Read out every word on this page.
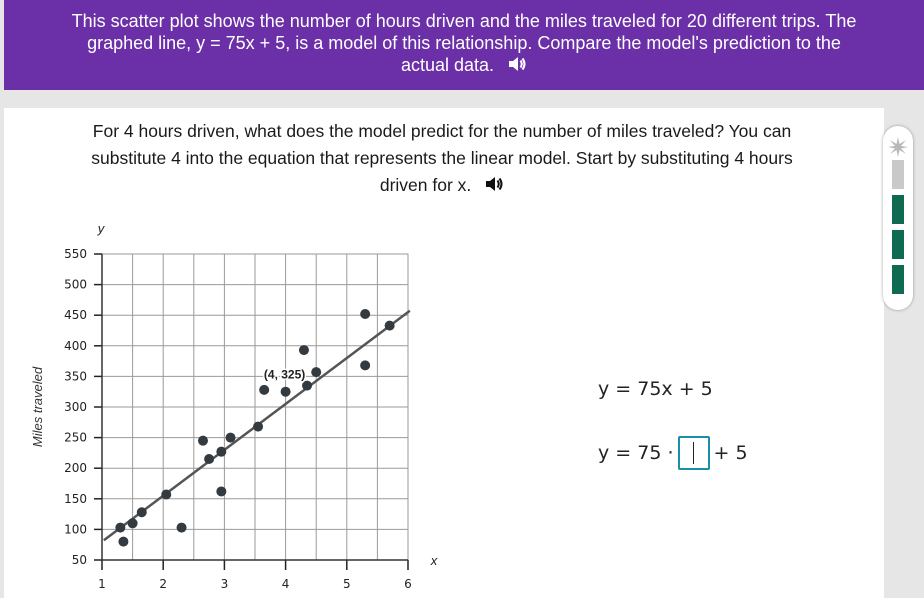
This scatter plot shows the number of hours driven and the miles traveled for 20 different trips. The
graphed line, y = 75x + 5, is a model of this relationship. Compare the model's prediction to the
actual data.
For 4 hours driven, what does the model predict for the number of miles traveled? You can
substitute 4 into the equation that represents the linear model. Start by substituting 4 hours
driven for x.
50
100
150
200
250
300
350
400
450
500
550
1	2	3	4	5	6
y
x
Miles traveled	(4, 325)
y = 75x + 5
y = 75 · + 5
